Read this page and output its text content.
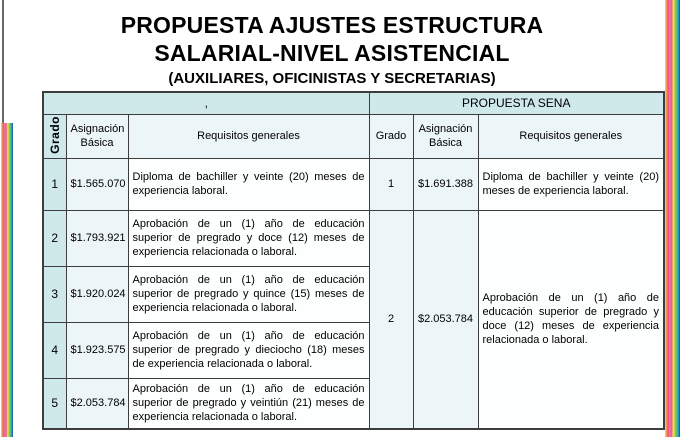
PROPUESTA AJUSTES ESTRUCTURA
SALARIAL-NIVEL ASISTENCIAL
(AUXILIARES, OFICINISTAS Y SECRETARIAS)
,			PROPUESTA SENA		
Grado	Asignación Básica	Requisitos generales	Grado	Asignación Básica	Requisitos generales
1	$1.565.070	Diploma de bachiller y veinte (20) meses de experiencia laboral.	1	$1.691.388	Diploma de bachiller y veinte (20) meses de experiencia laboral.
2	$1.793.921	Aprobación de un (1) año de educación superior de pregrado y doce (12) meses de experiencia relacionada o laboral.	2	$2.053.784	Aprobación de un (1) año de educación superior de pregrado y doce (12) meses de experiencia relacionada o laboral.
3	$1.920.024	Aprobación de un (1) año de educación superior de pregrado y quince (15) meses de experiencia relacionada o laboral.			
4	$1.923.575	Aprobación de un (1) año de educación superior de pregrado y dieciocho (18) meses de experiencia relacionada o laboral.			
5	$2.053.784	Aprobación de un (1) año de educación superior de pregrado y veintiún (21) meses de experiencia relacionada o laboral.			
